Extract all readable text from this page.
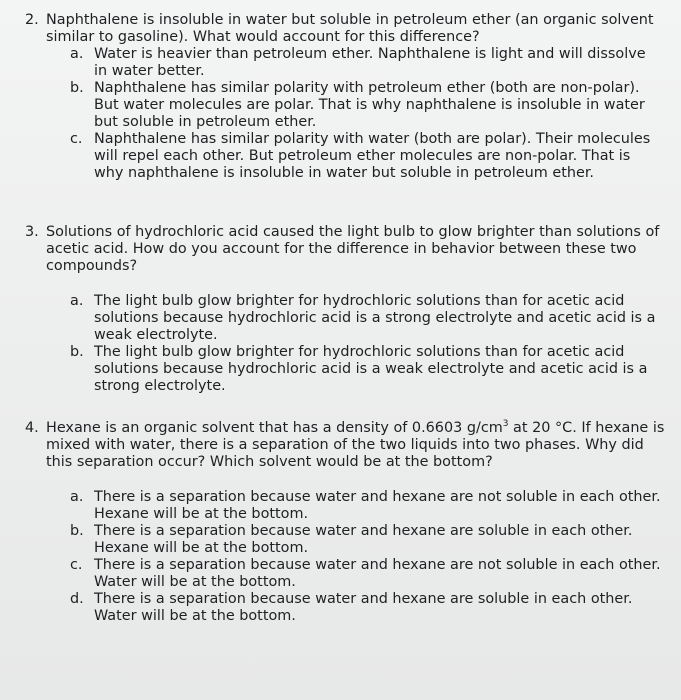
2. Naphthalene is insoluble in water but soluble in petroleum ether (an organic solvent similar to gasoline). What would account for this difference?
a. Water is heavier than petroleum ether. Naphthalene is light and will dissolve in water better.
b. Naphthalene has similar polarity with petroleum ether (both are non-polar). But water molecules are polar. That is why naphthalene is insoluble in water but soluble in petroleum ether.
c. Naphthalene has similar polarity with water (both are polar). Their molecules will repel each other. But petroleum ether molecules are non-polar. That is why naphthalene is insoluble in water but soluble in petroleum ether.
3. Solutions of hydrochloric acid caused the light bulb to glow brighter than solutions of acetic acid. How do you account for the difference in behavior between these two compounds?
a. The light bulb glow brighter for hydrochloric solutions than for acetic acid solutions because hydrochloric acid is a strong electrolyte and acetic acid is a weak electrolyte.
b. The light bulb glow brighter for hydrochloric solutions than for acetic acid solutions because hydrochloric acid is a weak electrolyte and acetic acid is a strong electrolyte.
4. Hexane is an organic solvent that has a density of 0.6603 $g/cm^3$ at 20 °C. If hexane is mixed with water, there is a separation of the two liquids into two phases. Why did this separation occur? Which solvent would be at the bottom?
a. There is a separation because water and hexane are not soluble in each other. Hexane will be at the bottom.
b. There is a separation because water and hexane are soluble in each other. Hexane will be at the bottom.
c. There is a separation because water and hexane are not soluble in each other. Water will be at the bottom.
d. There is a separation because water and hexane are soluble in each other. Water will be at the bottom.
